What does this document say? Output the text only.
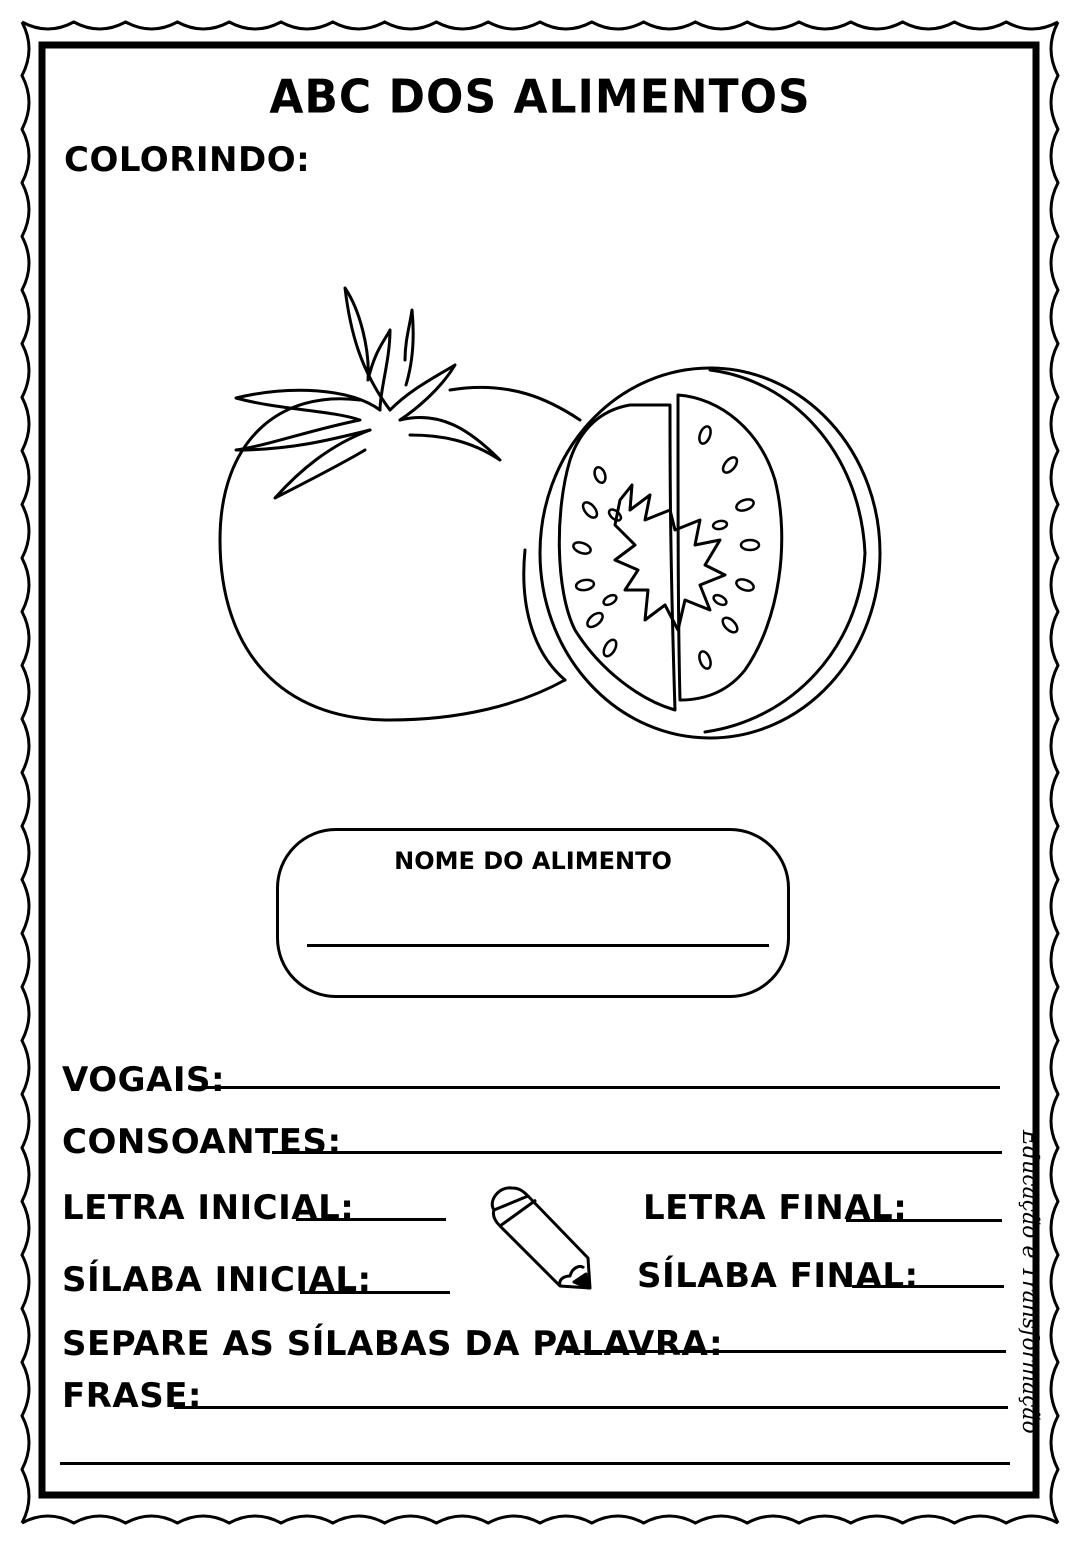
ABC DOS ALIMENTOS
COLORINDO:
NOME DO ALIMENTO
VOGAIS:
CONSOANTES:
LETRA INICIAL:	LETRA FINAL:
SÍLABA INICIAL:	SÍLABA FINAL:
SEPARE AS SÍLABAS DA PALAVRA:
FRASE:	Educação e Transformação
